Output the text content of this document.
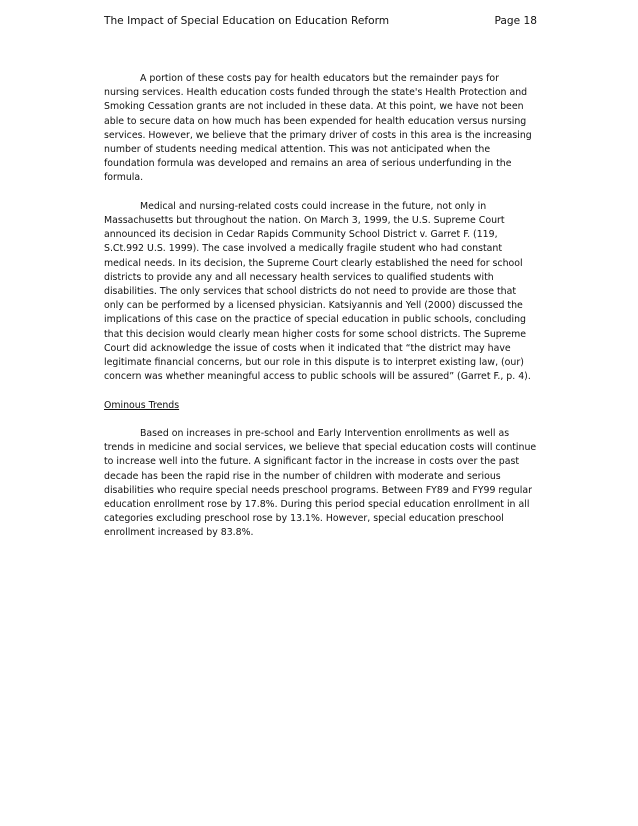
The Impact of Special Education on Education Reform	Page 18

A portion of these costs pay for health educators but the remainder pays for nursing services. Health education costs funded through the state's Health Protection and Smoking Cessation grants are not included in these data. At this point, we have not been able to secure data on how much has been expended for health education versus nursing services. However, we believe that the primary driver of costs in this area is the increasing number of students needing medical attention. This was not anticipated when the foundation formula was developed and remains an area of serious underfunding in the formula.

Medical and nursing-related costs could increase in the future, not only in Massachusetts but throughout the nation. On March 3, 1999, the U.S. Supreme Court announced its decision in Cedar Rapids Community School District v. Garret F. (119, S.Ct.992 U.S. 1999). The case involved a medically fragile student who had constant medical needs. In its decision, the Supreme Court clearly established the need for school districts to provide any and all necessary health services to qualified students with disabilities. The only services that school districts do not need to provide are those that only can be performed by a licensed physician. Katsiyannis and Yell (2000) discussed the implications of this case on the practice of special education in public schools, concluding that this decision would clearly mean higher costs for some school districts. The Supreme Court did acknowledge the issue of costs when it indicated that “the district may have legitimate financial concerns, but our role in this dispute is to interpret existing law, (our) concern was whether meaningful access to public schools will be assured” (Garret F., p. 4).

Ominous Trends

Based on increases in pre-school and Early Intervention enrollments as well as trends in medicine and social services, we believe that special education costs will continue to increase well into the future. A significant factor in the increase in costs over the past decade has been the rapid rise in the number of children with moderate and serious disabilities who require special needs preschool programs. Between FY89 and FY99 regular education enrollment rose by 17.8%. During this period special education enrollment in all categories excluding preschool rose by 13.1%. However, special education preschool enrollment increased by 83.8%.
